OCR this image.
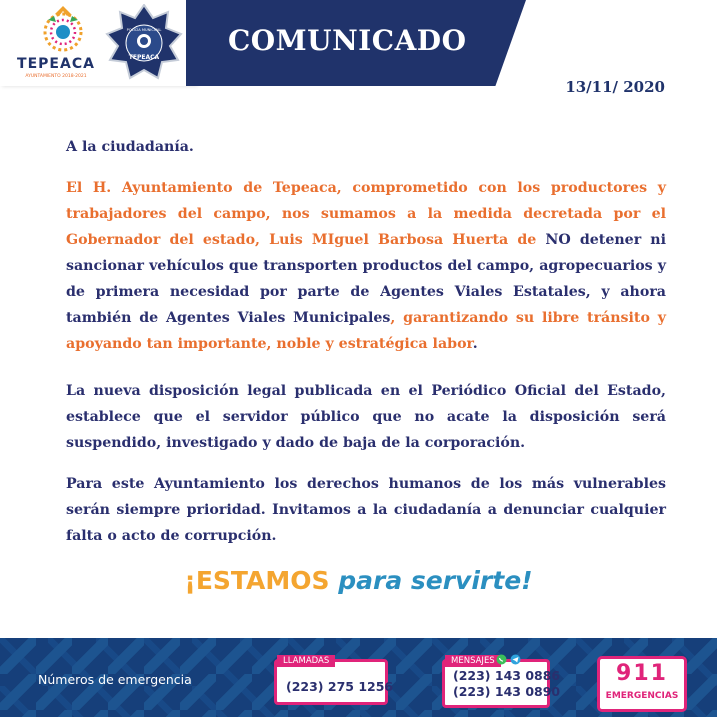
TEPEACA
AYUNTAMIENTO 2018-2021
POLICÍA MUNICIPAL
TEPEACA
COMUNICADO
13/11/ 2020
A la ciudadanía.
El H. Ayuntamiento de Tepeaca, comprometido con los productores y trabajadores del campo, nos sumamos a la medida decretada por el Gobernador del estado, Luis MIguel Barbosa Huerta de NO detener ni sancionar vehículos que transporten productos del campo, agropecuarios y de primera necesidad por parte de Agentes Viales Estatales, y ahora también de Agentes Viales Municipales, garantizando su libre tránsito y apoyando tan importante, noble y estratégica labor.
La nueva disposición legal publicada en el Periódico Oficial del Estado, establece que el servidor público que no acate la disposición será suspendido, investigado y dado de baja de la corporación.
Para este Ayuntamiento los derechos humanos de los más vulnerables serán siempre prioridad. Invitamos a la ciudadanía a denunciar cualquier falta o acto de corrupción.
¡ESTAMOS para servirte!
Números de emergencia
LLAMADAS
(223) 275 1256
MENSAJES
(223) 143 0886
(223) 143 0890
911
EMERGENCIAS
